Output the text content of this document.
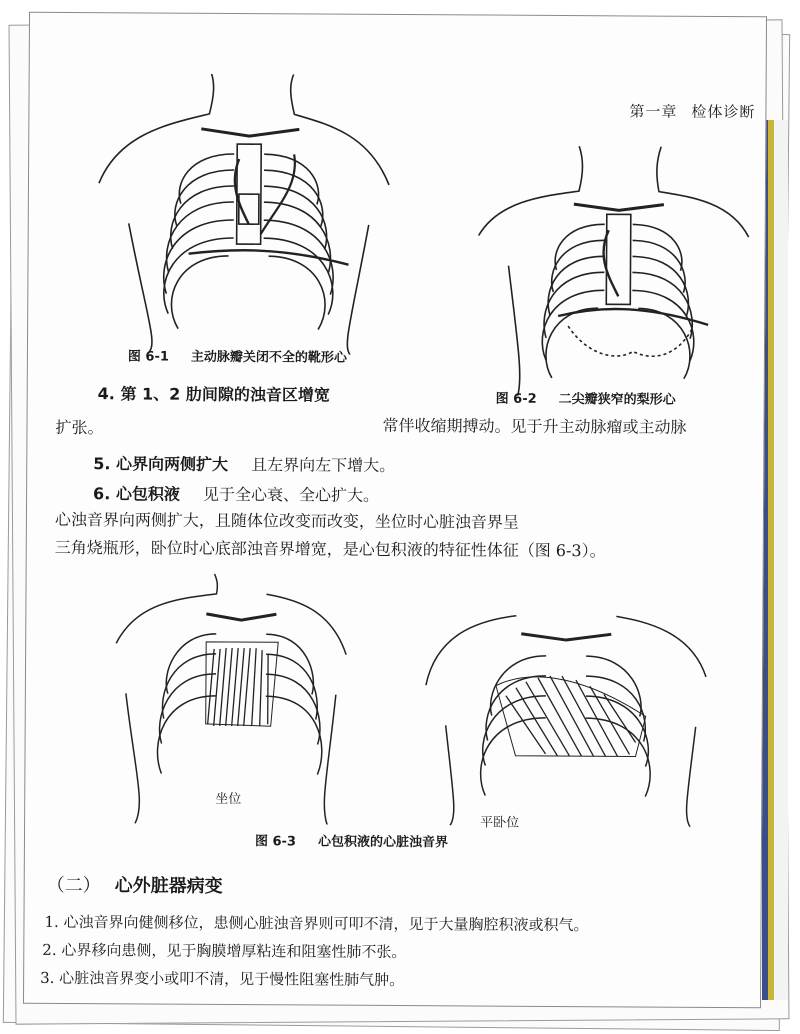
第一章 检体诊断
图 6-1 主动脉瓣关闭不全的靴形心
图 6-2 二尖瓣狭窄的梨形心
4. 第 1、2 肋间隙的浊音区增宽
常伴收缩期搏动。见于升主动脉瘤或主动脉
扩张。
5. 心界向两侧扩大 且左界向左下增大。
6. 心包积液 见于全心衰、全心扩大。
心浊音界向两侧扩大，且随体位改变而改变，坐位时心脏浊音界呈
三角烧瓶形，卧位时心底部浊音界增宽，是心包积液的特征性体征（图 6-3）。
坐位
平卧位
图 6-3 心包积液的心脏浊音界
（二） 心外脏器病变
1. 心浊音界向健侧移位，患侧心脏浊音界则可叩不清，见于大量胸腔积液或积气。
2. 心界移向患侧，见于胸膜增厚粘连和阻塞性肺不张。
3. 心脏浊音界变小或叩不清，见于慢性阻塞性肺气肿。
